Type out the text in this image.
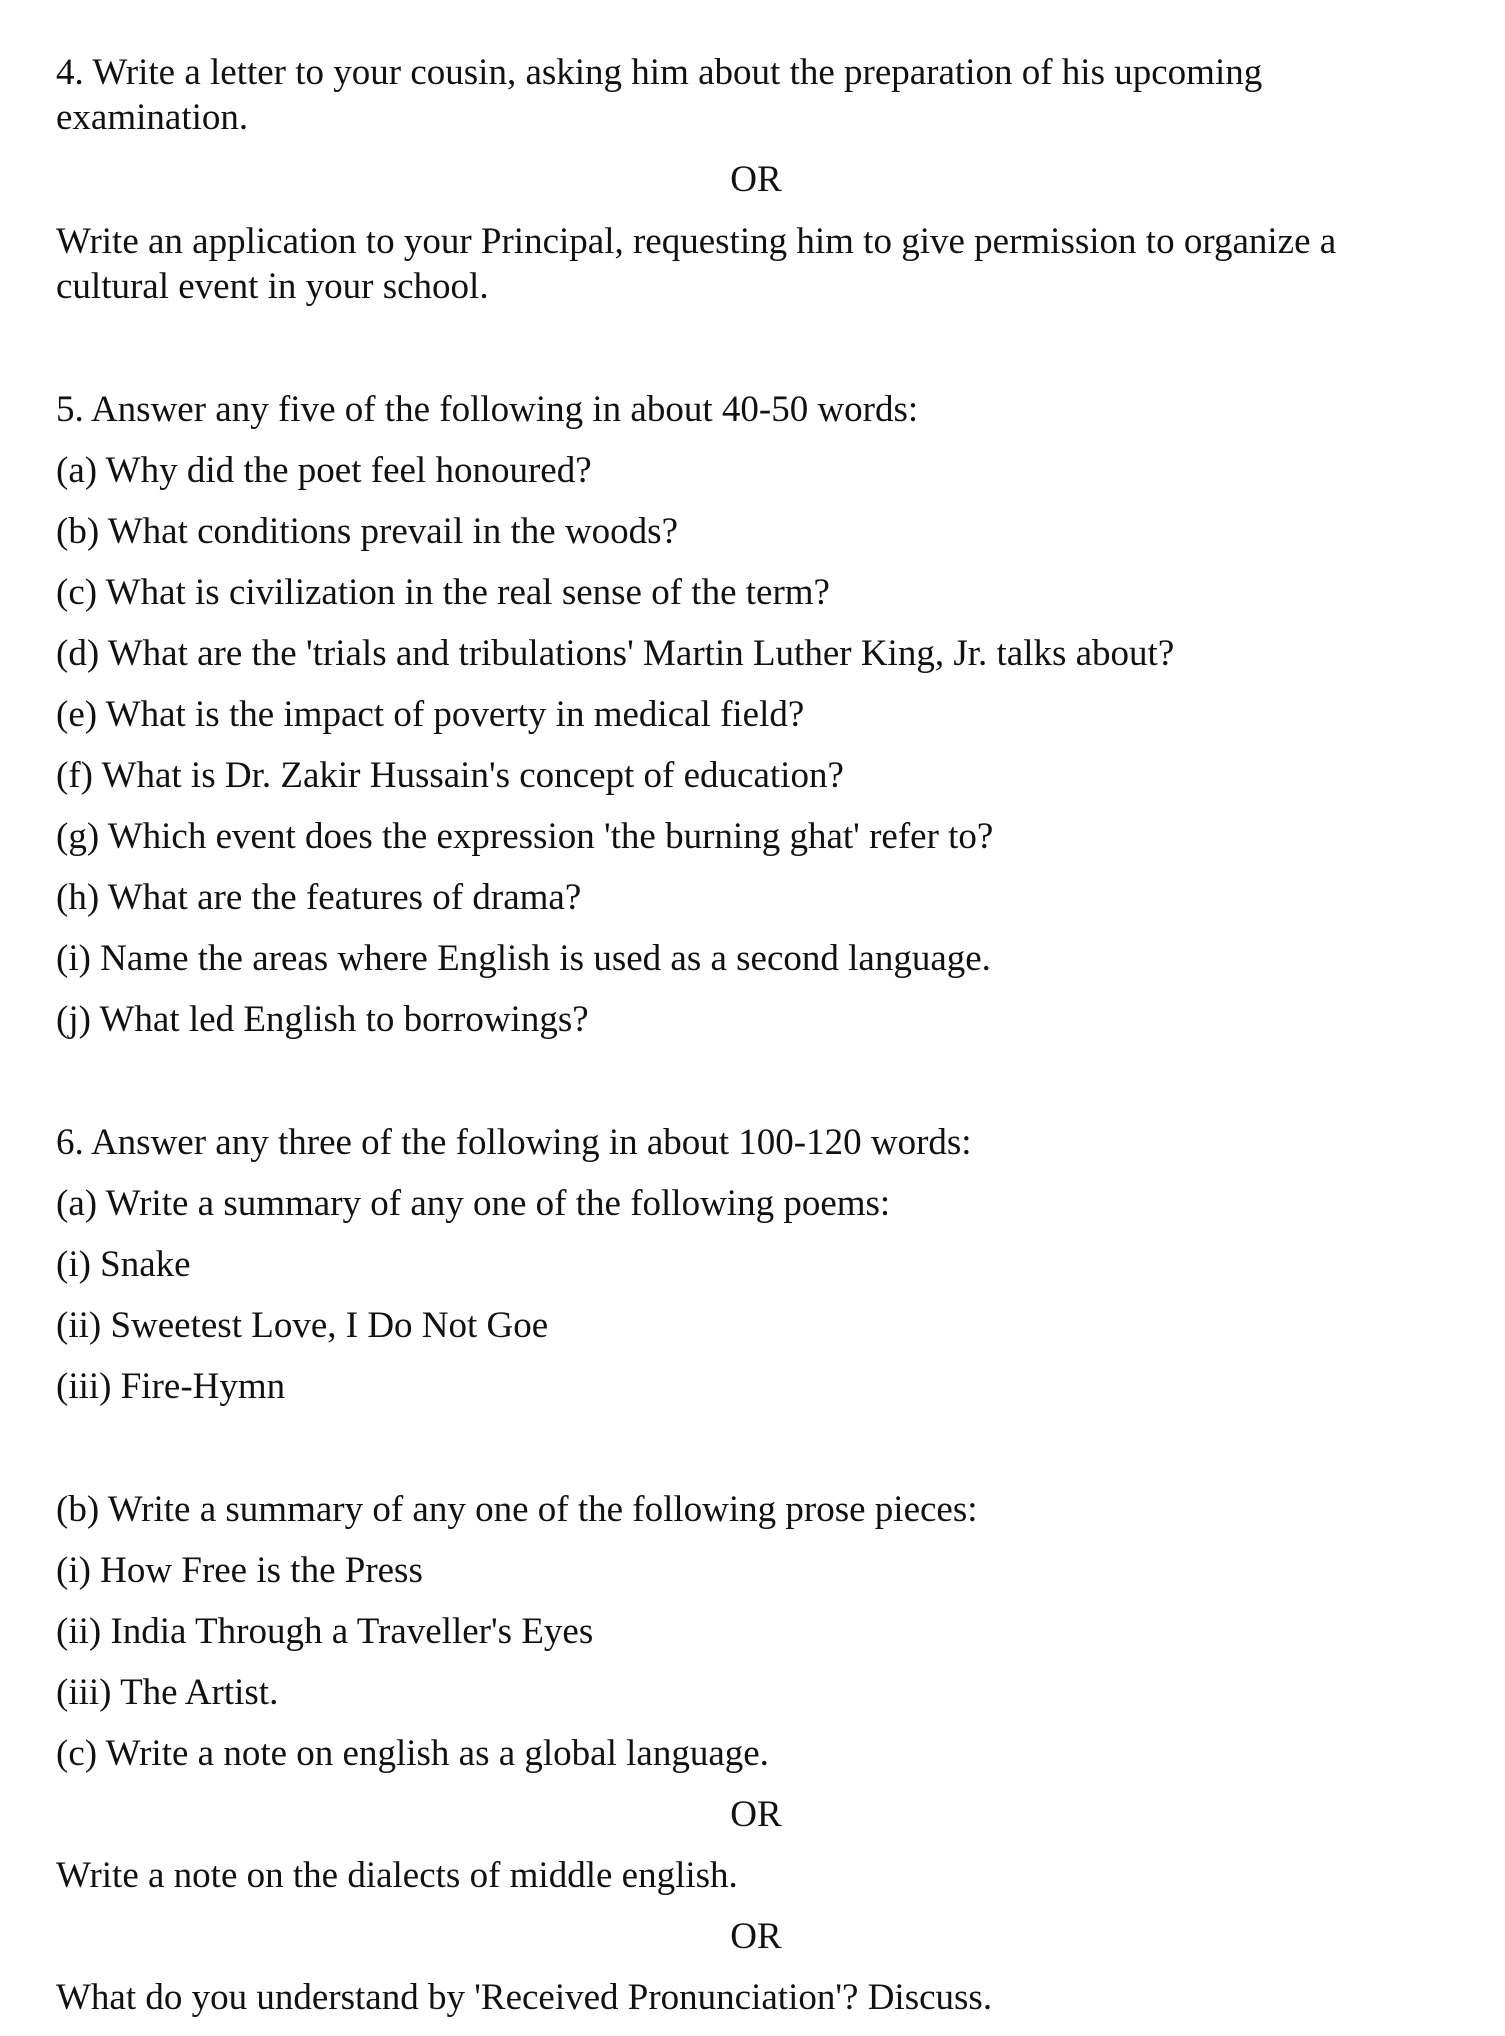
4. Write a letter to your cousin, asking him about the preparation of his upcoming examination.

OR

Write an application to your Principal, requesting him to give permission to organize a cultural event in your school.

5. Answer any five of the following in about 40-50 words:

(a) Why did the poet feel honoured?

(b) What conditions prevail in the woods?

(c) What is civilization in the real sense of the term?

(d) What are the 'trials and tribulations' Martin Luther King, Jr. talks about?

(e) What is the impact of poverty in medical field?

(f) What is Dr. Zakir Hussain's concept of education?

(g) Which event does the expression 'the burning ghat' refer to?

(h) What are the features of drama?

(i) Name the areas where English is used as a second language.

(j) What led English to borrowings?

6. Answer any three of the following in about 100-120 words:

(a) Write a summary of any one of the following poems:

(i) Snake

(ii) Sweetest Love, I Do Not Goe

(iii) Fire-Hymn

(b) Write a summary of any one of the following prose pieces:

(i) How Free is the Press

(ii) India Through a Traveller's Eyes

(iii) The Artist.

(c) Write a note on english as a global language.

OR

Write a note on the dialects of middle english.

OR

What do you understand by 'Received Pronunciation'? Discuss.
